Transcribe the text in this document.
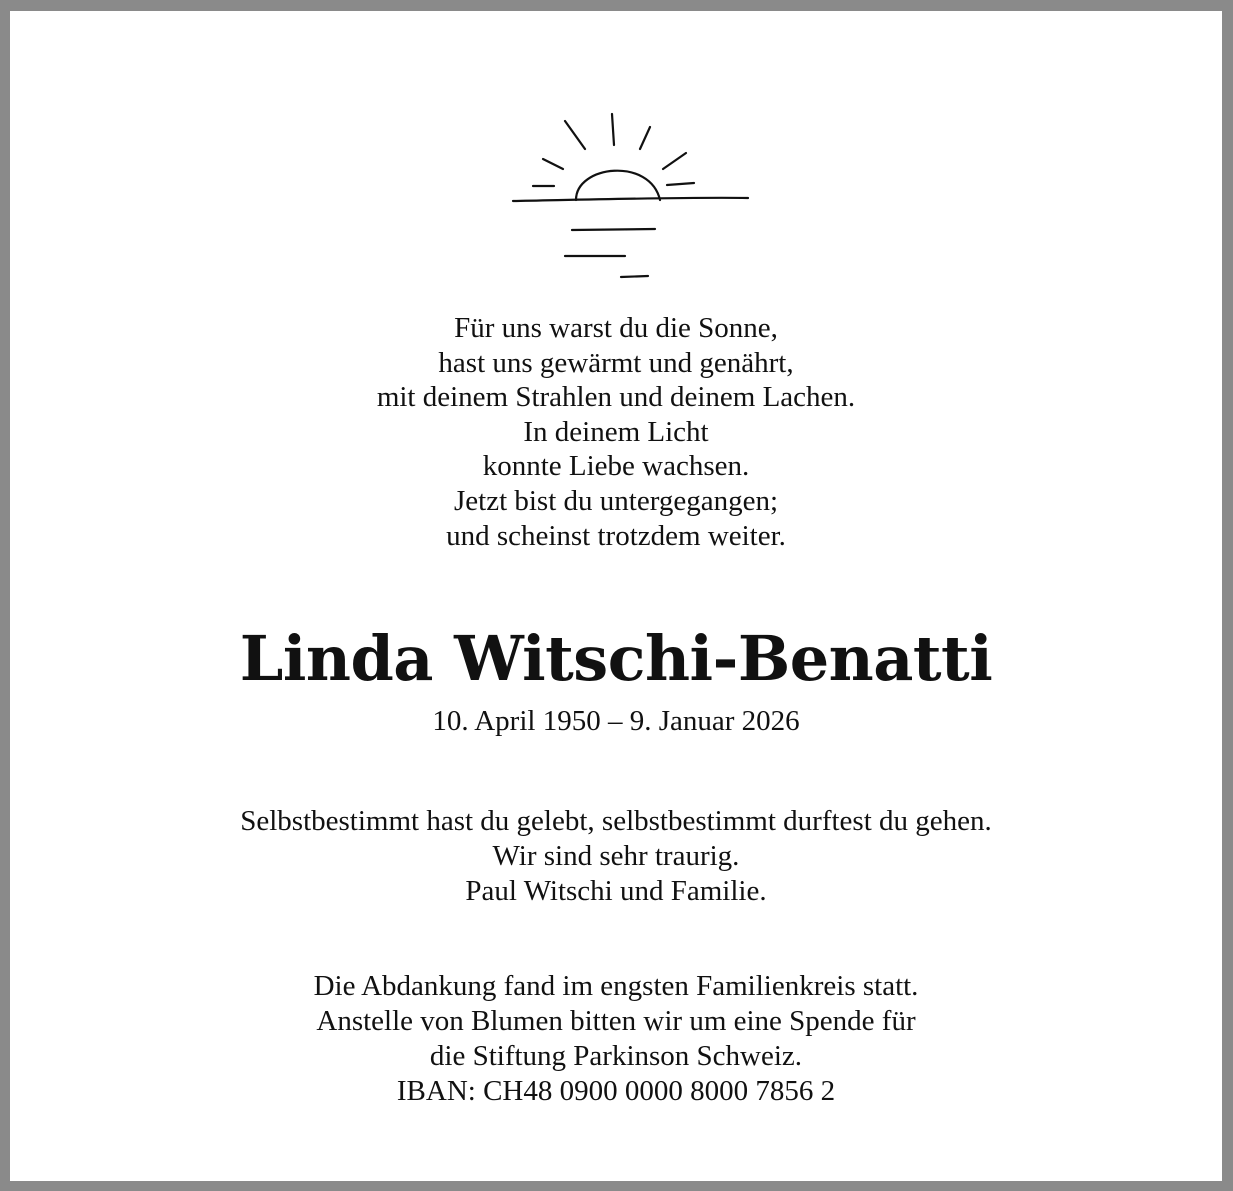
Für uns warst du die Sonne,
hast uns gewärmt und genährt,
mit deinem Strahlen und deinem Lachen.
In deinem Licht
konnte Liebe wachsen.
Jetzt bist du untergegangen;
und scheinst trotzdem weiter.
Linda Witschi-Benatti
10. April 1950 – 9. Januar 2026
Selbstbestimmt hast du gelebt, selbstbestimmt durftest du gehen.
Wir sind sehr traurig.
Paul Witschi und Familie.
Die Abdankung fand im engsten Familienkreis statt.
Anstelle von Blumen bitten wir um eine Spende für
die Stiftung Parkinson Schweiz.
IBAN: CH48 0900 0000 8000 7856 2
